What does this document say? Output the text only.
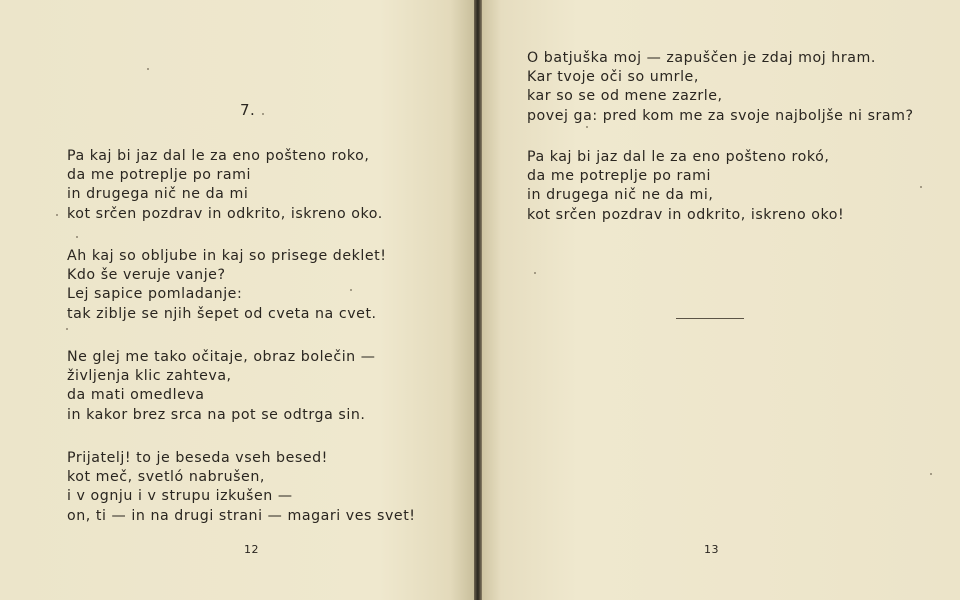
7.

Pa kaj bi jaz dal le za eno pošteno roko,
da me potreplje po rami
in drugega nič ne da mi
kot srčen pozdrav in odkrito, iskreno oko.

Ah kaj so obljube in kaj so prisege deklet!
Kdo še veruje vanje?
Lej sapice pomladanje:
tak ziblje se njih šepet od cveta na cvet.

Ne glej me tako očitaje, obraz bolečin —
življenja klic zahteva,
da mati omedleva
in kakor brez srca na pot se odtrga sin.

Prijatelj! to je beseda vseh besed!
kot meč, svetló nabrušen,
i v ognju i v strupu izkušen —
on, ti — in na drugi strani — magari ves svet!

12

O batjuška moj — zapuščen je zdaj moj hram.
Kar tvoje oči so umrle,
kar so se od mene zazrle,
povej ga: pred kom me za svoje najboljše ni sram?

Pa kaj bi jaz dal le za eno pošteno rokó,
da me potreplje po rami
in drugega nič ne da mi,
kot srčen pozdrav in odkrito, iskreno oko!

13
